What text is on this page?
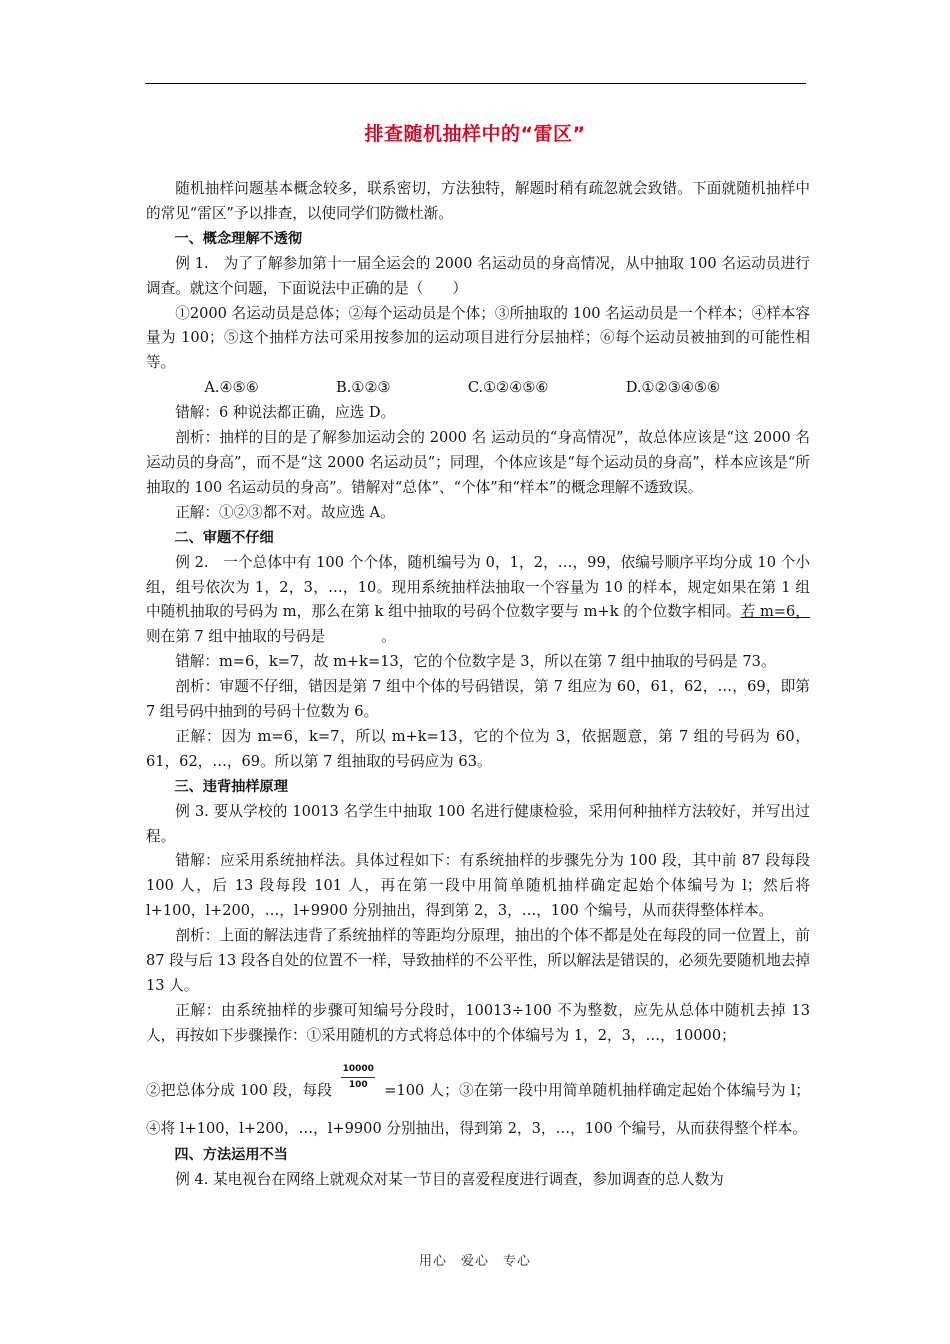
排查随机抽样中的“雷区”

随机抽样问题基本概念较多，联系密切，方法独特，解题时稍有疏忽就会致错。下面就随机抽样中的常见“雷区”予以排查，以使同学们防微杜渐。

一、概念理解不透彻

例 1.　为了了解参加第十一届全运会的 2000 名运动员的身高情况，从中抽取 100 名运动员进行调查。就这个问题，下面说法中正确的是（　　）

①2000 名运动员是总体；②每个运动员是个体；③所抽取的 100 名运动员是一个样本；④样本容量为 100；⑤这个抽样方法可采用按参加的运动项目进行分层抽样；⑥每个运动员被抽到的可能性相等。

A.④⑤⑥	B.①②③	C.①②④⑤⑥	D.①②③④⑤⑥

错解：6 种说法都正确，应选 D。

剖析：抽样的目的是了解参加运动会的 2000 名 运动员的“身高情况”，故总体应该是“这 2000 名运动员的身高”，而不是“这 2000 名运动员”；同理，个体应该是“每个运动员的身高”，样本应该是“所抽取的 100 名运动员的身高”。错解对“总体”、“个体”和“样本”的概念理解不透致误。

正解：①②③都不对。故应选 A。

二、审题不仔细

例 2.　一个总体中有 100 个个体，随机编号为 0，1，2，…，99，依编号顺序平均分成 10 个小组，组号依次为 1，2，3，…，10。现用系统抽样法抽取一个容量为 10 的样本，规定如果在第 1 组中随机抽取的号码为 m，那么在第 k 组中抽取的号码个位数字要与 m+k 的个位数字相同。若 m=6，则在第 7 组中抽取的号码是	。

错解：m=6，k=7，故 m+k=13，它的个位数字是 3，所以在第 7 组中抽取的号码是 73。

剖析：审题不仔细，错因是第 7 组中个体的号码错误，第 7 组应为 60，61，62，…，69，即第 7 组号码中抽到的号码十位数为 6。

正解：因为 m=6，k=7，所以 m+k=13，它的个位为 3，依据题意，第 7 组的号码为 60，61，62，…，69。所以第 7 组抽取的号码应为 63。

三、违背抽样原理

例 3. 要从学校的 10013 名学生中抽取 100 名进行健康检验，采用何种抽样方法较好，并写出过程。

错解：应采用系统抽样法。具体过程如下：有系统抽样的步骤先分为 100 段，其中前 87 段每段 100 人，后 13 段每段 101 人，再在第一段中用简单随机抽样确定起始个体编号为 l；然后将 l+100，l+200，…，l+9900 分别抽出，得到第 2，3，…，100 个编号，从而获得整体样本。

剖析：上面的解法违背了系统抽样的等距均分原理，抽出的个体不都是处在每段的同一位置上，前 87 段与后 13 段各自处的位置不一样，导致抽样的不公平性，所以解法是错误的，必须先要随机地去掉 13 人。

正解：由系统抽样的步骤可知编号分段时，10013÷100 不为整数，应先从总体中随机去掉 13 人，再按如下步骤操作：①采用随机的方式将总体中的个体编号为 1，2，3，…，10000；

②把总体分成 100 段，每段 $\frac{10000}{100} =100$ 人；③在第一段中用简单随机抽样确定起始个体编号为 l；④将 l+100，l+200，…，l+9900 分别抽出，得到第 2，3，…，100 个编号，从而获得整个样本。

四、方法运用不当

例 4. 某电视台在网络上就观众对某一节目的喜爱程度进行调查，参加调查的总人数为

用心　爱心　专心
